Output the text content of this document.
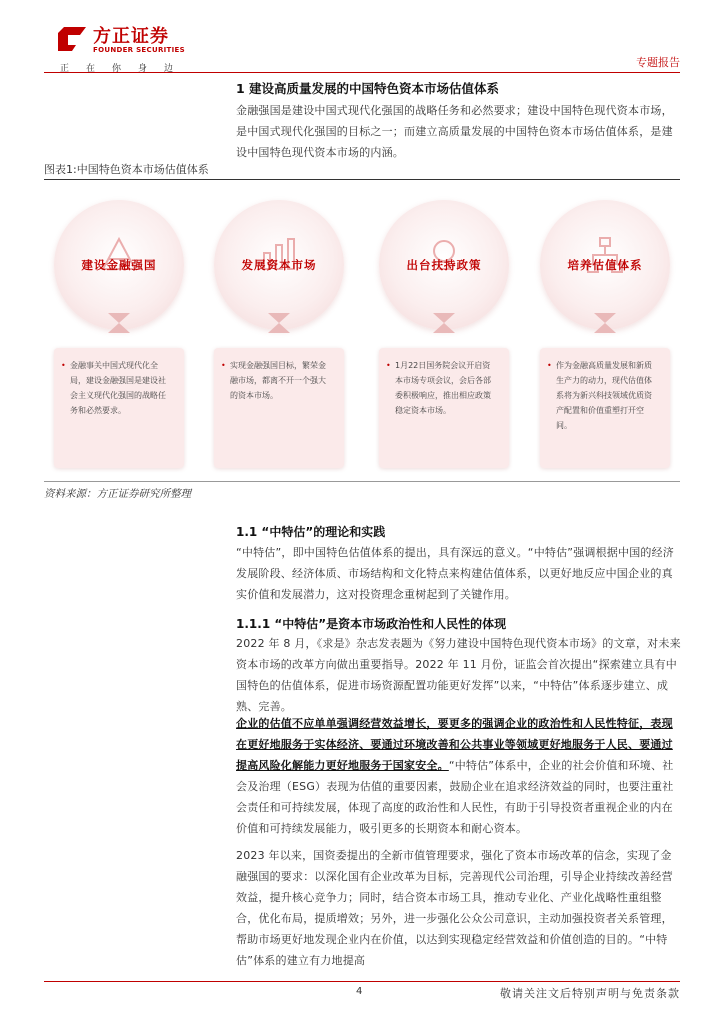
方正证券
FOUNDER SECURITIES
正在你身边	专题报告
1 建设高质量发展的中国特色资本市场估值体系
金融强国是建设中国式现代化强国的战略任务和必然要求；建设中国特色现代资本市场，是中国式现代化强国的目标之一；而建立高质量发展的中国特色资本市场估值体系，是建设中国特色现代资本市场的内涵。
图表1:中国特色资本市场估值体系
建设金融强国
• 金融事关中国式现代化全局，建设金融强国是建设社会主义现代化强国的战略任务和必然要求。
发展资本市场
• 实现金融强国目标，繁荣金融市场，都离不开一个强大的资本市场。
出台扶持政策
• 1月22日国务院会议开启资本市场专项会议，会后各部委积极响应，推出相应政策稳定资本市场。
培养估值体系
• 作为金融高质量发展和新质生产力的动力，现代估值体系将为新兴科技领域优质资产配置和价值重塑打开空间。
资料来源：方正证券研究所整理
1.1 “中特估”的理论和实践
“中特估”，即中国特色估值体系的提出，具有深远的意义。“中特估”强调根据中国的经济发展阶段、经济体质、市场结构和文化特点来构建估值体系，以更好地反应中国企业的真实价值和发展潜力，这对投资理念重树起到了关键作用。
1.1.1 “中特估”是资本市场政治性和人民性的体现
2022 年 8 月，《求是》杂志发表题为《努力建设中国特色现代资本市场》的文章，对未来资本市场的改革方向做出重要指导。2022 年 11 月份，证监会首次提出“探索建立具有中国特色的估值体系，促进市场资源配置功能更好发挥”以来，“中特估”体系逐步建立、成熟、完善。
企业的估值不应单单强调经营效益增长，要更多的强调企业的政治性和人民性特征，表现在更好地服务于实体经济、要通过环境改善和公共事业等领域更好地服务于人民、要通过提高风险化解能力更好地服务于国家安全。“中特估”体系中，企业的社会价值和环境、社会及治理（ESG）表现为估值的重要因素，鼓励企业在追求经济效益的同时，也要注重社会责任和可持续发展，体现了高度的政治性和人民性，有助于引导投资者重视企业的内在价值和可持续发展能力，吸引更多的长期资本和耐心资本。
2023 年以来，国资委提出的全新市值管理要求，强化了资本市场改革的信念，实现了金融强国的要求：以深化国有企业改革为目标，完善现代公司治理，引导企业持续改善经营效益，提升核心竞争力；同时，结合资本市场工具，推动专业化、产业化战略性重组整合，优化布局，提质增效；另外，进一步强化公众公司意识，主动加强投资者关系管理，帮助市场更好地发现企业内在价值，以达到实现稳定经营效益和价值创造的目的。“中特估”体系的建立有力地提高
4	敬请关注文后特别声明与免责条款
